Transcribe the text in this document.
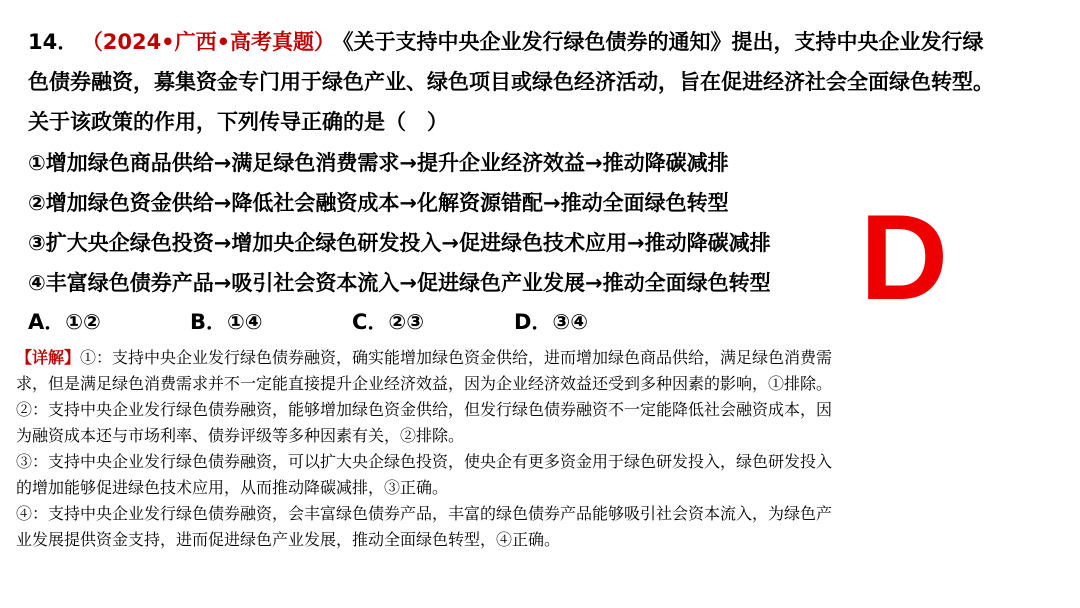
14． （2024•广西•高考真题） 《关于支持中央企业发行绿色债券的通知》提出，支持中央企业发行绿
色债券融资，募集资金专门用于绿色产业、绿色项目或绿色经济活动，旨在促进经济社会全面绿色转型。
关于该政策的作用，下列传导正确的是（　）
①增加绿色商品供给→满足绿色消费需求→提升企业经济效益→推动降碳减排
②增加绿色资金供给→降低社会融资成本→化解资源错配→推动全面绿色转型
③扩大央企绿色投资→增加央企绿色研发投入→促进绿色技术应用→推动降碳减排
④丰富绿色债券产品→吸引社会资本流入→促进绿色产业发展→推动全面绿色转型
A．①②	B．①④	C．②③	D．③④	D
【详解】①：支持中央企业发行绿色债券融资，确实能增加绿色资金供给，进而增加绿色商品供给，满足绿色消费需
求，但是满足绿色消费需求并不一定能直接提升企业经济效益，因为企业经济效益还受到多种因素的影响，①排除。
②：支持中央企业发行绿色债券融资，能够增加绿色资金供给，但发行绿色债券融资不一定能降低社会融资成本，因
为融资成本还与市场利率、债券评级等多种因素有关，②排除。
③：支持中央企业发行绿色债券融资，可以扩大央企绿色投资，使央企有更多资金用于绿色研发投入，绿色研发投入
的增加能够促进绿色技术应用，从而推动降碳减排，③正确。
④：支持中央企业发行绿色债券融资，会丰富绿色债券产品，丰富的绿色债券产品能够吸引社会资本流入，为绿色产
业发展提供资金支持，进而促进绿色产业发展，推动全面绿色转型，④正确。
